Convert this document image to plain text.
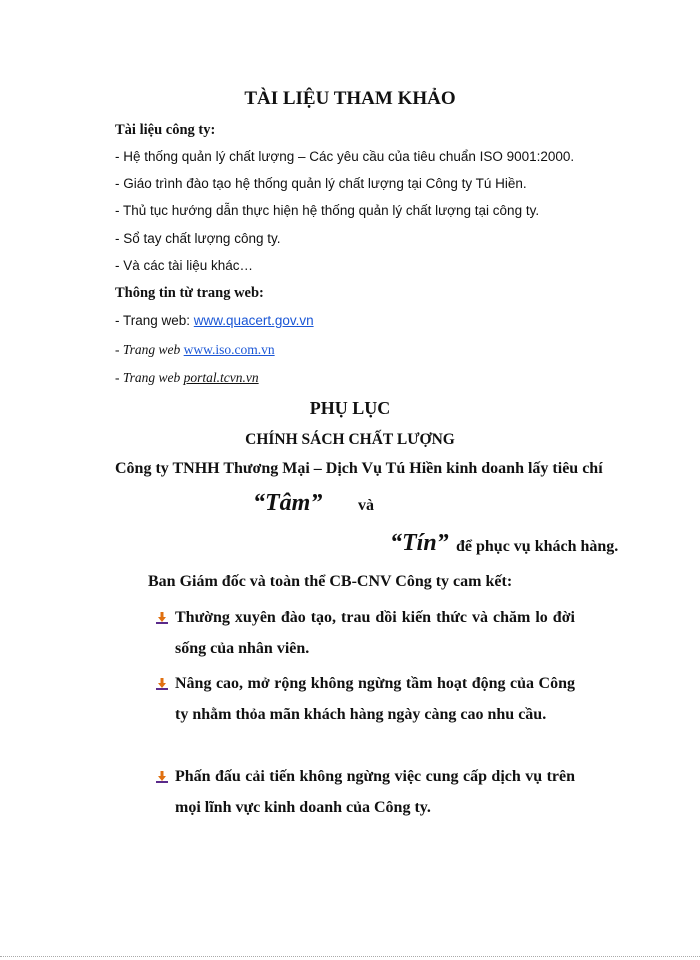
TÀI LIỆU THAM KHẢO
Tài liệu công ty:
- Hệ thống quản lý chất lượng – Các yêu cầu của tiêu chuẩn ISO 9001:2000.
- Giáo trình đào tạo hệ thống quản lý chất lượng tại Công ty Tú Hiền.
- Thủ tục hướng dẫn thực hiện hệ thống quản lý chất lượng tại công ty.
- Sổ tay chất lượng công ty.
- Và các tài liệu khác…
Thông tin từ trang web:
- Trang web: www.quacert.gov.vn
- Trang web www.iso.com.vn
- Trang web portal.tcvn.vn
PHỤ LỤC
CHÍNH SÁCH CHẤT LƯỢNG
Công ty TNHH Thương Mại – Dịch Vụ Tú Hiền kinh doanh lấy tiêu chí
“Tâm” và
“Tín” để phục vụ khách hàng.
Ban Giám đốc và toàn thể CB-CNV Công ty cam kết:
Thường xuyên đào tạo, trau dồi kiến thức và chăm lo đời sống của nhân viên.
Nâng cao, mở rộng không ngừng tầm hoạt động của Công ty nhằm thỏa mãn khách hàng ngày càng cao nhu cầu.
Phấn đấu cải tiến không ngừng việc cung cấp dịch vụ trên mọi lĩnh vực kinh doanh của Công ty.
